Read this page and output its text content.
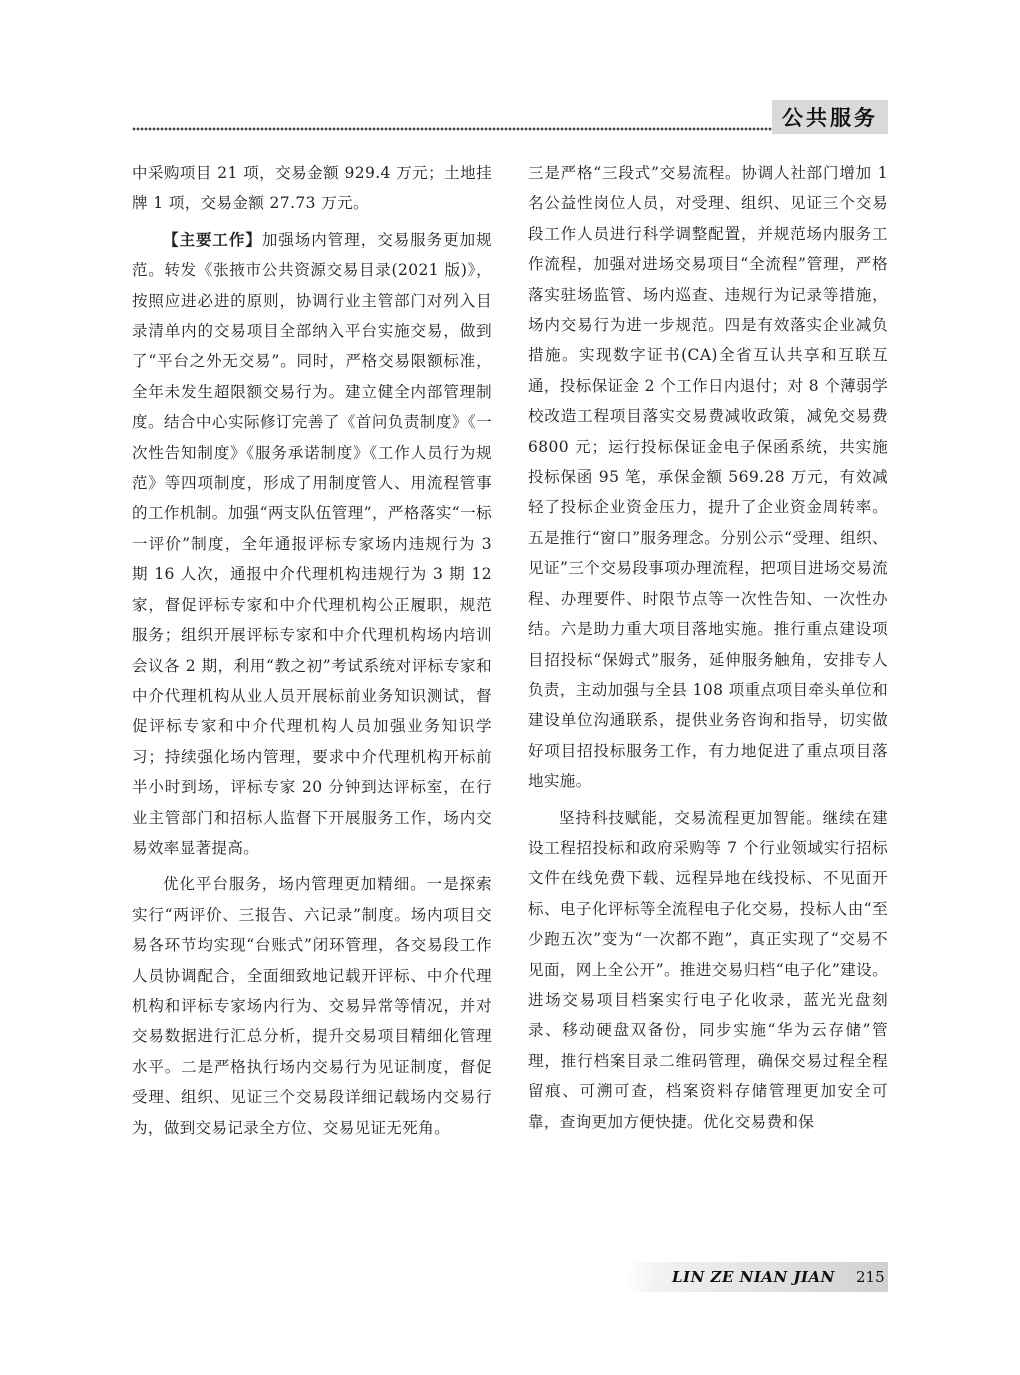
公共服务

中采购项目 21 项，交易金额 929.4 万元；土地挂牌 1 项，交易金额 27.73 万元。

【主要工作】加强场内管理，交易服务更加规范。转发《张掖市公共资源交易目录(2021 版)》，按照应进必进的原则，协调行业主管部门对列入目录清单内的交易项目全部纳入平台实施交易，做到了“平台之外无交易”。同时，严格交易限额标准，全年未发生超限额交易行为。建立健全内部管理制度。结合中心实际修订完善了《首问负责制度》《一次性告知制度》《服务承诺制度》《工作人员行为规范》等四项制度，形成了用制度管人、用流程管事的工作机制。加强“两支队伍管理”，严格落实“一标一评价”制度，全年通报评标专家场内违规行为 3 期 16 人次，通报中介代理机构违规行为 3 期 12 家，督促评标专家和中介代理机构公正履职，规范服务；组织开展评标专家和中介代理机构场内培训会议各 2 期，利用“教之初”考试系统对评标专家和中介代理机构从业人员开展标前业务知识测试，督促评标专家和中介代理机构人员加强业务知识学习；持续强化场内管理，要求中介代理机构开标前半小时到场，评标专家 20 分钟到达评标室，在行业主管部门和招标人监督下开展服务工作，场内交易效率显著提高。

优化平台服务，场内管理更加精细。一是探索实行“两评价、三报告、六记录”制度。场内项目交易各环节均实现“台账式”闭环管理，各交易段工作人员协调配合，全面细致地记载开评标、中介代理机构和评标专家场内行为、交易异常等情况，并对交易数据进行汇总分析，提升交易项目精细化管理水平。二是严格执行场内交易行为见证制度，督促受理、组织、见证三个交易段详细记载场内交易行为，做到交易记录全方位、交易见证无死角。

三是严格“三段式”交易流程。协调人社部门增加 1 名公益性岗位人员，对受理、组织、见证三个交易段工作人员进行科学调整配置，并规范场内服务工作流程，加强对进场交易项目“全流程”管理，严格落实驻场监管、场内巡查、违规行为记录等措施，场内交易行为进一步规范。四是有效落实企业减负措施。实现数字证书(CA)全省互认共享和互联互通，投标保证金 2 个工作日内退付；对 8 个薄弱学校改造工程项目落实交易费减收政策，减免交易费 6800 元；运行投标保证金电子保函系统，共实施投标保函 95 笔，承保金额 569.28 万元，有效减轻了投标企业资金压力，提升了企业资金周转率。五是推行“窗口”服务理念。分别公示“受理、组织、见证”三个交易段事项办理流程，把项目进场交易流程、办理要件、时限节点等一次性告知、一次性办结。六是助力重大项目落地实施。推行重点建设项目招投标“保姆式”服务，延伸服务触角，安排专人负责，主动加强与全县 108 项重点项目牵头单位和建设单位沟通联系，提供业务咨询和指导，切实做好项目招投标服务工作，有力地促进了重点项目落地实施。

坚持科技赋能，交易流程更加智能。继续在建设工程招投标和政府采购等 7 个行业领域实行招标文件在线免费下载、远程异地在线投标、不见面开标、电子化评标等全流程电子化交易，投标人由“至少跑五次”变为“一次都不跑”，真正实现了“交易不见面，网上全公开”。推进交易归档“电子化”建设。进场交易项目档案实行电子化收录，蓝光光盘刻录、移动硬盘双备份，同步实施“华为云存储”管理，推行档案目录二维码管理，确保交易过程全程留痕、可溯可查，档案资料存储管理更加安全可靠，查询更加方便快捷。优化交易费和保

LIN ZE NIAN JIAN 215
